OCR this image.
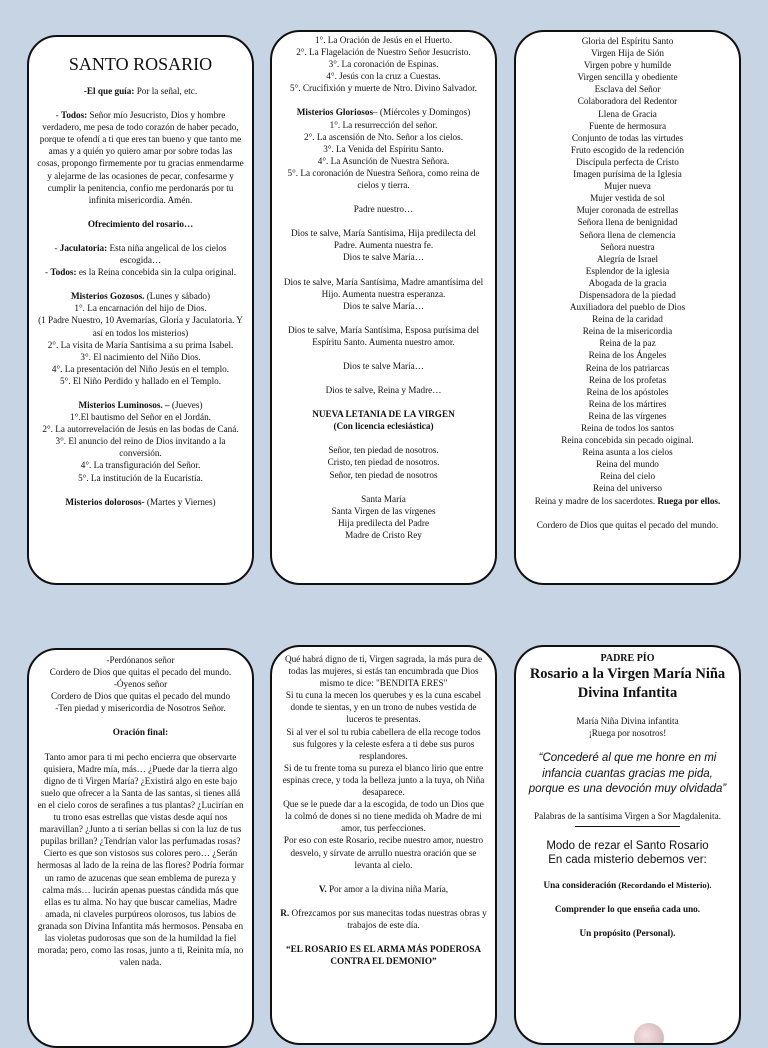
SANTO ROSARIO

-El que guía: Por la señal, etc.

- Todos: Señor mío Jesucristo, Dios y hombre verdadero, me pesa de todo corazón de haber pecado, porque te ofendí a ti que eres tan bueno y que tanto me amas y a quién yo quiero amar por sobre todas las cosas, propongo firmemente por tu gracias enmendarme y alejarme de las ocasiones de pecar, confesarme y cumplir la penitencia, confío me perdonarás por tu infinita misericordia. Amén.

Ofrecimiento del rosario…

- Jaculatoria: Esta niña angelical de los cielos escogida…

- Todos: es la Reina concebida sin la culpa original.

Misterios Gozosos. (Lunes y sábado)

1°. La encarnación del hijo de Dios.

(1 Padre Nuestro, 10 Avemarías, Gloria y Jaculatoria. Y así en todos los misterios)

2°. La visita de María Santísima a su prima Isabel.

3°. El nacimiento del Niño Dios.

4°. La presentación del Niño Jesús en el templo.

5°. El Niño Perdido y hallado en el Templo.

Misterios Luminosos. – (Jueves)

1°.El bautismo del Señor en el Jordán.

2°. La autorrevelación de Jesús en las bodas de Caná.

3°. El anuncio del reino de Dios invitando a la conversión.

4°. La transfiguración del Señor.

5°. La institución de la Eucaristía.

Misterios dolorosos- (Martes y Viernes)

1°. La Oración de Jesús en el Huerto.

2°. La Flagelación de Nuestro Señor Jesucristo.

3°. La coronación de Espinas.

4°. Jesús con la cruz a Cuestas.

5°. Crucifixión y muerte de Ntro. Divino Salvador.

Misterios Gloriosos– (Miércoles y Domingos)

1°. La resurrección del señor.

2°. La ascensión de Nto. Señor a los cielos.

3°. La Venida del Espíritu Santo.

4°. La Asunción de Nuestra Señora.

5°. La coronación de Nuestra Señora, como reina de cielos y tierra.

Padre nuestro…

Dios te salve, María Santísima, Hija predilecta del Padre. Aumenta nuestra fe.

Dios te salve María…

Dios te salve, María Santísima, Madre amantísima del Hijo. Aumenta nuestra esperanza.

Dios te salve María…

Dios te salve, María Santísima, Esposa purísima del Espíritu Santo. Aumenta nuestro amor.

Dios te salve María…

Dios te salve, Reina y Madre…

NUEVA LETANIA DE LA VIRGEN

(Con licencia eclesiástica)

Señor, ten piedad de nosotros.

Cristo, ten piedad de nosotros.

Señor, ten piedad de nosotros

Santa María

Santa Virgen de las vírgenes

Hija predilecta del Padre

Madre de Cristo Rey

Gloria del Espíritu Santo

Virgen Hija de Sión

Virgen pobre y humilde

Virgen sencilla y obediente

Esclava del Señor

Colaboradora del Redentor

Llena de Gracia

Fuente de hermosura

Conjunto de todas las virtudes

Fruto escogido de la redención

Discípula perfecta de Cristo

Imagen purísima de la Iglesia

Mujer nueva

Mujer vestida de sol

Mujer coronada de estrellas

Señora llena de benignidad

Señora llena de clemencia

Señora nuestra

Alegría de Israel

Esplendor de la iglesia

Abogada de la gracia

Dispensadora de la piedad

Auxiliadora del pueblo de Dios

Reina de la caridad

Reina de la misericordia

Reina de la paz

Reina de los Ángeles

Reina de los patriarcas

Reina de los profetas

Reina de los apóstoles

Reina de los mártires

Reina de las vírgenes

Reina de todos los santos

Reina concebida sin pecado oiginal.

Reina asunta a los cielos

Reina del mundo

Reina del cielo

Reina del universo

Reina y madre de los sacerdotes. Ruega por ellos.

Cordero de Dios que quitas el pecado del mundo.

-Perdónanos señor

Cordero de Dios que quitas el pecado del mundo.

-Óyenos señor

Cordero de Dios que quitas el pecado del mundo

-Ten piedad y misericordia de Nosotros Señor.

Oración final:

Tanto amor para ti mi pecho encierra que observarte quisiera, Madre mía, más… ¿Puede dar la tierra algo digno de ti Virgen María? ¿Existirá algo en este bajo suelo que ofrecer a la Santa de las santas, si tienes allá en el cielo coros de serafines a tus plantas? ¿Lucirían en tu trono esas estrellas que vistas desde aquí nos maravillan? ¿Junto a ti serían bellas si con la luz de tus pupilas brillan? ¿Tendrían valor las perfumadas rosas? Cierto es que son vistosos sus colores pero… ¿Serán hermosas al lado de la reina de las flores? Podría formar un ramo de azucenas que sean emblema de pureza y calma más… lucirán apenas puestas cándida más que ellas es tu alma. No hay que buscar camelias, Madre amada, ni claveles purpúreos olorosos, tus labios de granada son Divina Infantita más hermosos. Pensaba en las violetas pudorosas que son de la humildad la fiel morada; pero, como las rosas, junto a ti, Reinita mía, no valen nada.

Qué habrá digno de ti, Virgen sagrada, la más pura de todas las mujeres, si estás tan encumbrada que Dios mismo te dice: "BENDITA ERES"

Si tu cuna la mecen los querubes y es la cuna escabel donde te sientas, y en un trono de nubes vestida de luceros te presentas.

Si al ver el sol tu rubia cabellera de ella recoge todos sus fulgores y la celeste esfera a ti debe sus puros resplandores.

Si de tu frente toma su pureza el blanco lirio que entre espinas crece, y toda la belleza junto a la tuya, oh Niña desaparece.

Que se le puede dar a la escogida, de todo un Dios que la colmó de dones si no tiene medida oh Madre de mi amor, tus perfecciones.

Por eso con este Rosario, recibe nuestro amor, nuestro desvelo, y sírvate de arrullo nuestra oración que se levanta al cielo.

V. Por amor a la divina niña María,

R. Ofrezcamos por sus manecitas todas nuestras obras y trabajos de este día.

“EL ROSARIO ES EL ARMA MÁS PODEROSA CONTRA EL DEMONIO”

PADRE PÍO

Rosario a la Virgen María Niña Divina Infantita

María Niña Divina infantita

¡Ruega por nosotros!

“Concederé al que me honre en mi infancia cuantas gracias me pida, porque es una devoción muy olvidada”

Palabras de la santísima Virgen a Sor Magdalenita.

Modo de rezar el Santo Rosario

En cada misterio debemos ver:

Una consideración (Recordando el Misterio).

Comprender lo que enseña cada uno.

Un propósito (Personal).
